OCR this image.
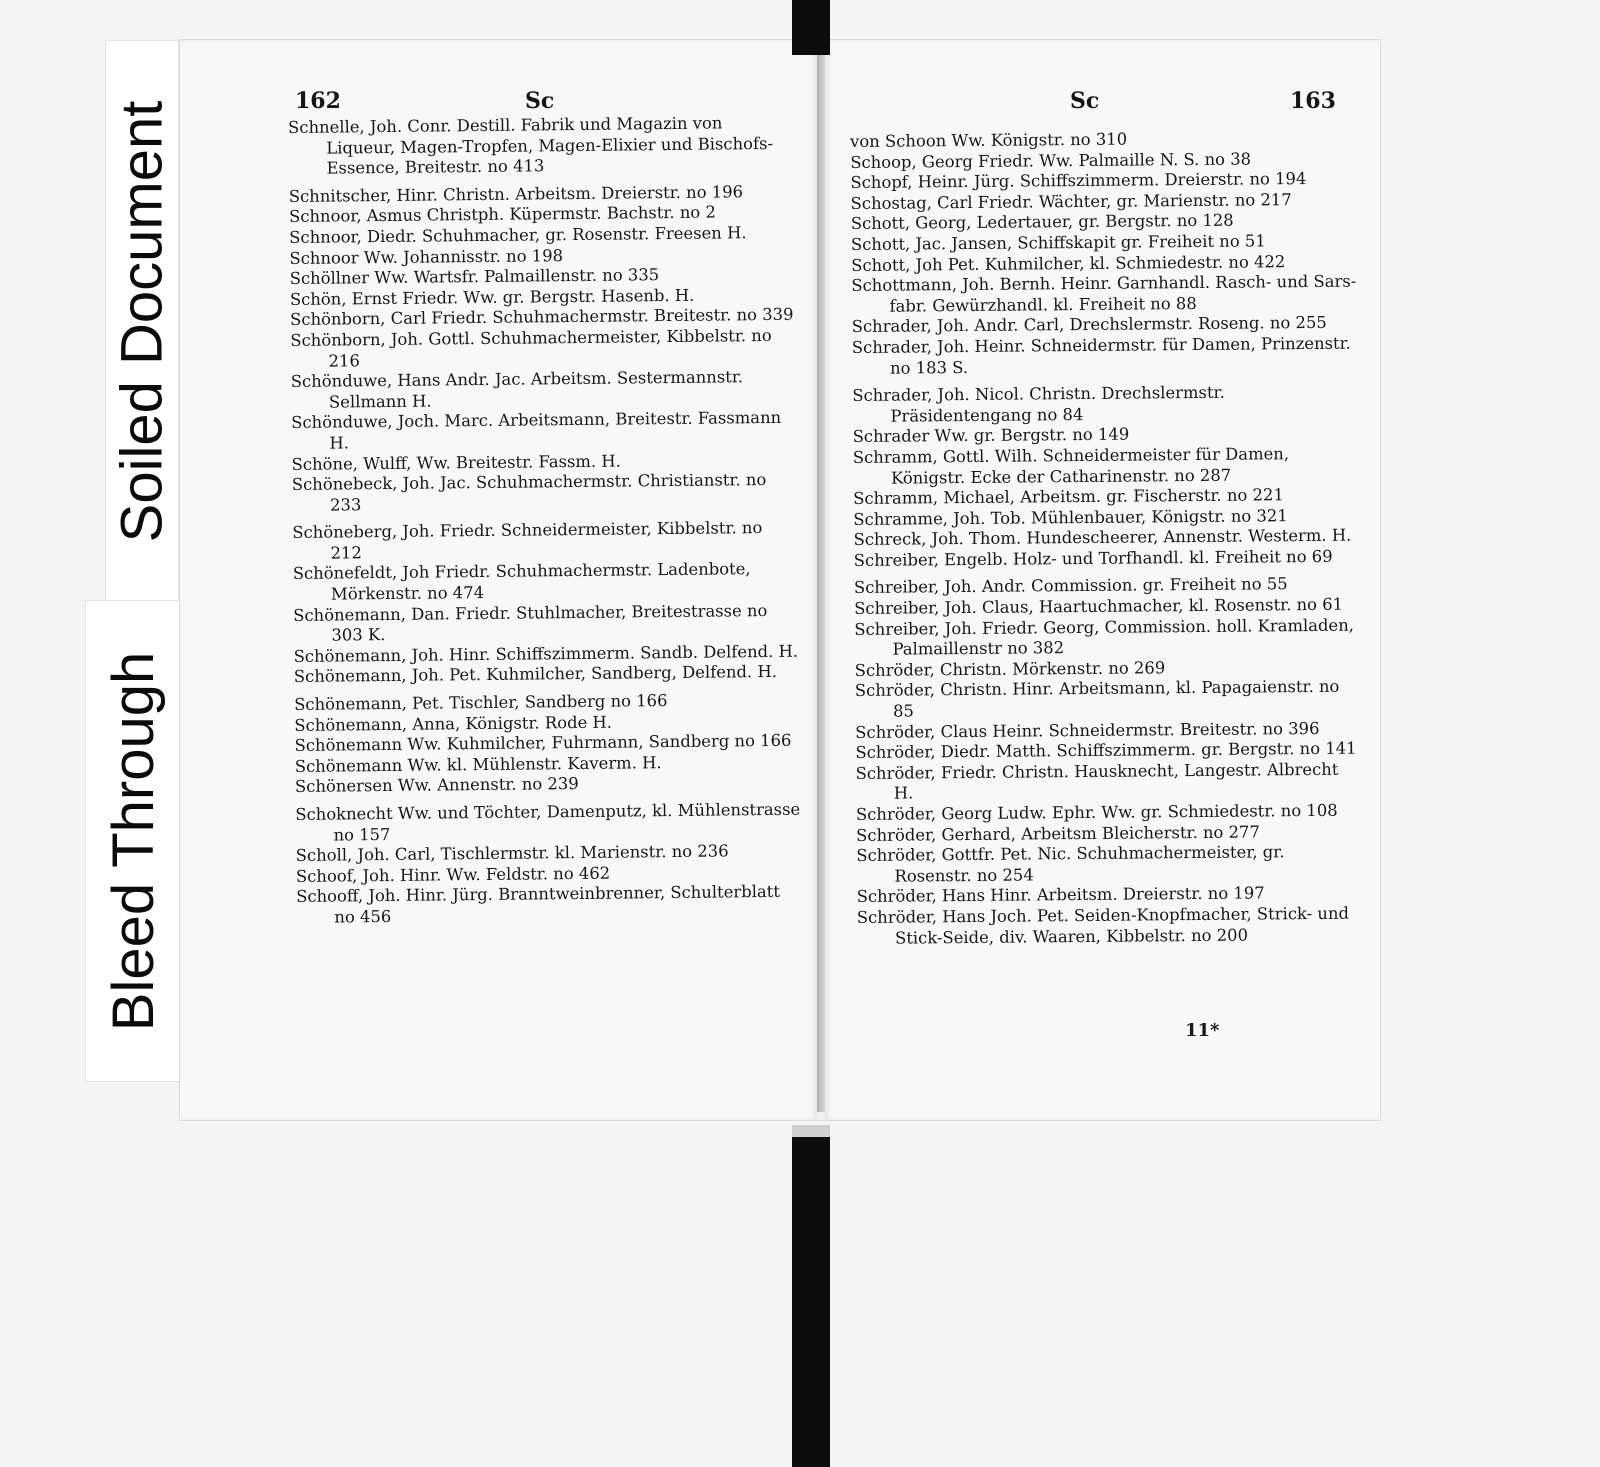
Soiled Document
Bleed Through
162	Sc
Schnelle, Joh. Conr. Destill. Fabrik und Magazin von Liqueur, Magen-Tropfen, Magen-Elixier und Bischofs-Essence, Breitestr. no 413
Schnitscher, Hinr. Christn. Arbeitsm. Dreierstr. no 196
Schnoor, Asmus Christph. Küpermstr. Bachstr. no 2
Schnoor, Diedr. Schuhmacher, gr. Rosenstr. Freesen H.
Schnoor Ww. Johannisstr. no 198
Schöllner Ww. Wartsfr. Palmaillenstr. no 335
Schön, Ernst Friedr. Ww. gr. Bergstr. Hasenb. H.
Schönborn, Carl Friedr. Schuhmachermstr. Breitestr. no 339
Schönborn, Joh. Gottl. Schuhmachermeister, Kibbelstr. no 216
Schönduwe, Hans Andr. Jac. Arbeitsm. Sestermannstr. Sellmann H.
Schönduwe, Joch. Marc. Arbeitsmann, Breitestr. Fassmann H.
Schöne, Wulff, Ww. Breitestr. Fassm. H.
Schönebeck, Joh. Jac. Schuhmachermstr. Christianstr. no 233
Schöneberg, Joh. Friedr. Schneidermeister, Kibbelstr. no 212
Schönefeldt, Joh Friedr. Schuhmachermstr. Ladenbote, Mörkenstr. no 474
Schönemann, Dan. Friedr. Stuhlmacher, Breitestrasse no 303 K.
Schönemann, Joh. Hinr. Schiffszimmerm. Sandb. Delfend. H.
Schönemann, Joh. Pet. Kuhmilcher, Sandberg, Delfend. H.
Schönemann, Pet. Tischler, Sandberg no 166
Schönemann, Anna, Königstr. Rode H.
Schönemann Ww. Kuhmilcher, Fuhrmann, Sandberg no 166
Schönemann Ww. kl. Mühlenstr. Kaverm. H.
Schönersen Ww. Annenstr. no 239
Schoknecht Ww. und Töchter, Damenputz, kl. Mühlenstrasse no 157
Scholl, Joh. Carl, Tischlermstr. kl. Marienstr. no 236
Schoof, Joh. Hinr. Ww. Feldstr. no 462
Schooff, Joh. Hinr. Jürg. Branntweinbrenner, Schulterblatt no 456
Sc	163
von Schoon Ww. Königstr. no 310
Schoop, Georg Friedr. Ww. Palmaille N. S. no 38
Schopf, Heinr. Jürg. Schiffszimmerm. Dreierstr. no 194
Schostag, Carl Friedr. Wächter, gr. Marienstr. no 217
Schott, Georg, Ledertauer, gr. Bergstr. no 128
Schott, Jac. Jansen, Schiffskapit gr. Freiheit no 51
Schott, Joh Pet. Kuhmilcher, kl. Schmiedestr. no 422
Schottmann, Joh. Bernh. Heinr. Garnhandl. Rasch- und Sars-fabr. Gewürzhandl. kl. Freiheit no 88
Schrader, Joh. Andr. Carl, Drechslermstr. Roseng. no 255
Schrader, Joh. Heinr. Schneidermstr. für Damen, Prinzenstr. no 183 S.
Schrader, Joh. Nicol. Christn. Drechslermstr. Präsidentengang no 84
Schrader Ww. gr. Bergstr. no 149
Schramm, Gottl. Wilh. Schneidermeister für Damen, Königstr. Ecke der Catharinenstr. no 287
Schramm, Michael, Arbeitsm. gr. Fischerstr. no 221
Schramme, Joh. Tob. Mühlenbauer, Königstr. no 321
Schreck, Joh. Thom. Hundescheerer, Annenstr. Westerm. H.
Schreiber, Engelb. Holz- und Torfhandl. kl. Freiheit no 69
Schreiber, Joh. Andr. Commission. gr. Freiheit no 55
Schreiber, Joh. Claus, Haartuchmacher, kl. Rosenstr. no 61
Schreiber, Joh. Friedr. Georg, Commission. holl. Kramladen, Palmaillenstr no 382
Schröder, Christn. Mörkenstr. no 269
Schröder, Christn. Hinr. Arbeitsmann, kl. Papagaienstr. no 85
Schröder, Claus Heinr. Schneidermstr. Breitestr. no 396
Schröder, Diedr. Matth. Schiffszimmerm. gr. Bergstr. no 141
Schröder, Friedr. Christn. Hausknecht, Langestr. Albrecht H.
Schröder, Georg Ludw. Ephr. Ww. gr. Schmiedestr. no 108
Schröder, Gerhard, Arbeitsm Bleicherstr. no 277
Schröder, Gottfr. Pet. Nic. Schuhmachermeister, gr. Rosenstr. no 254
Schröder, Hans Hinr. Arbeitsm. Dreierstr. no 197
Schröder, Hans Joch. Pet. Seiden-Knopfmacher, Strick- und Stick-Seide, div. Waaren, Kibbelstr. no 200
11*
